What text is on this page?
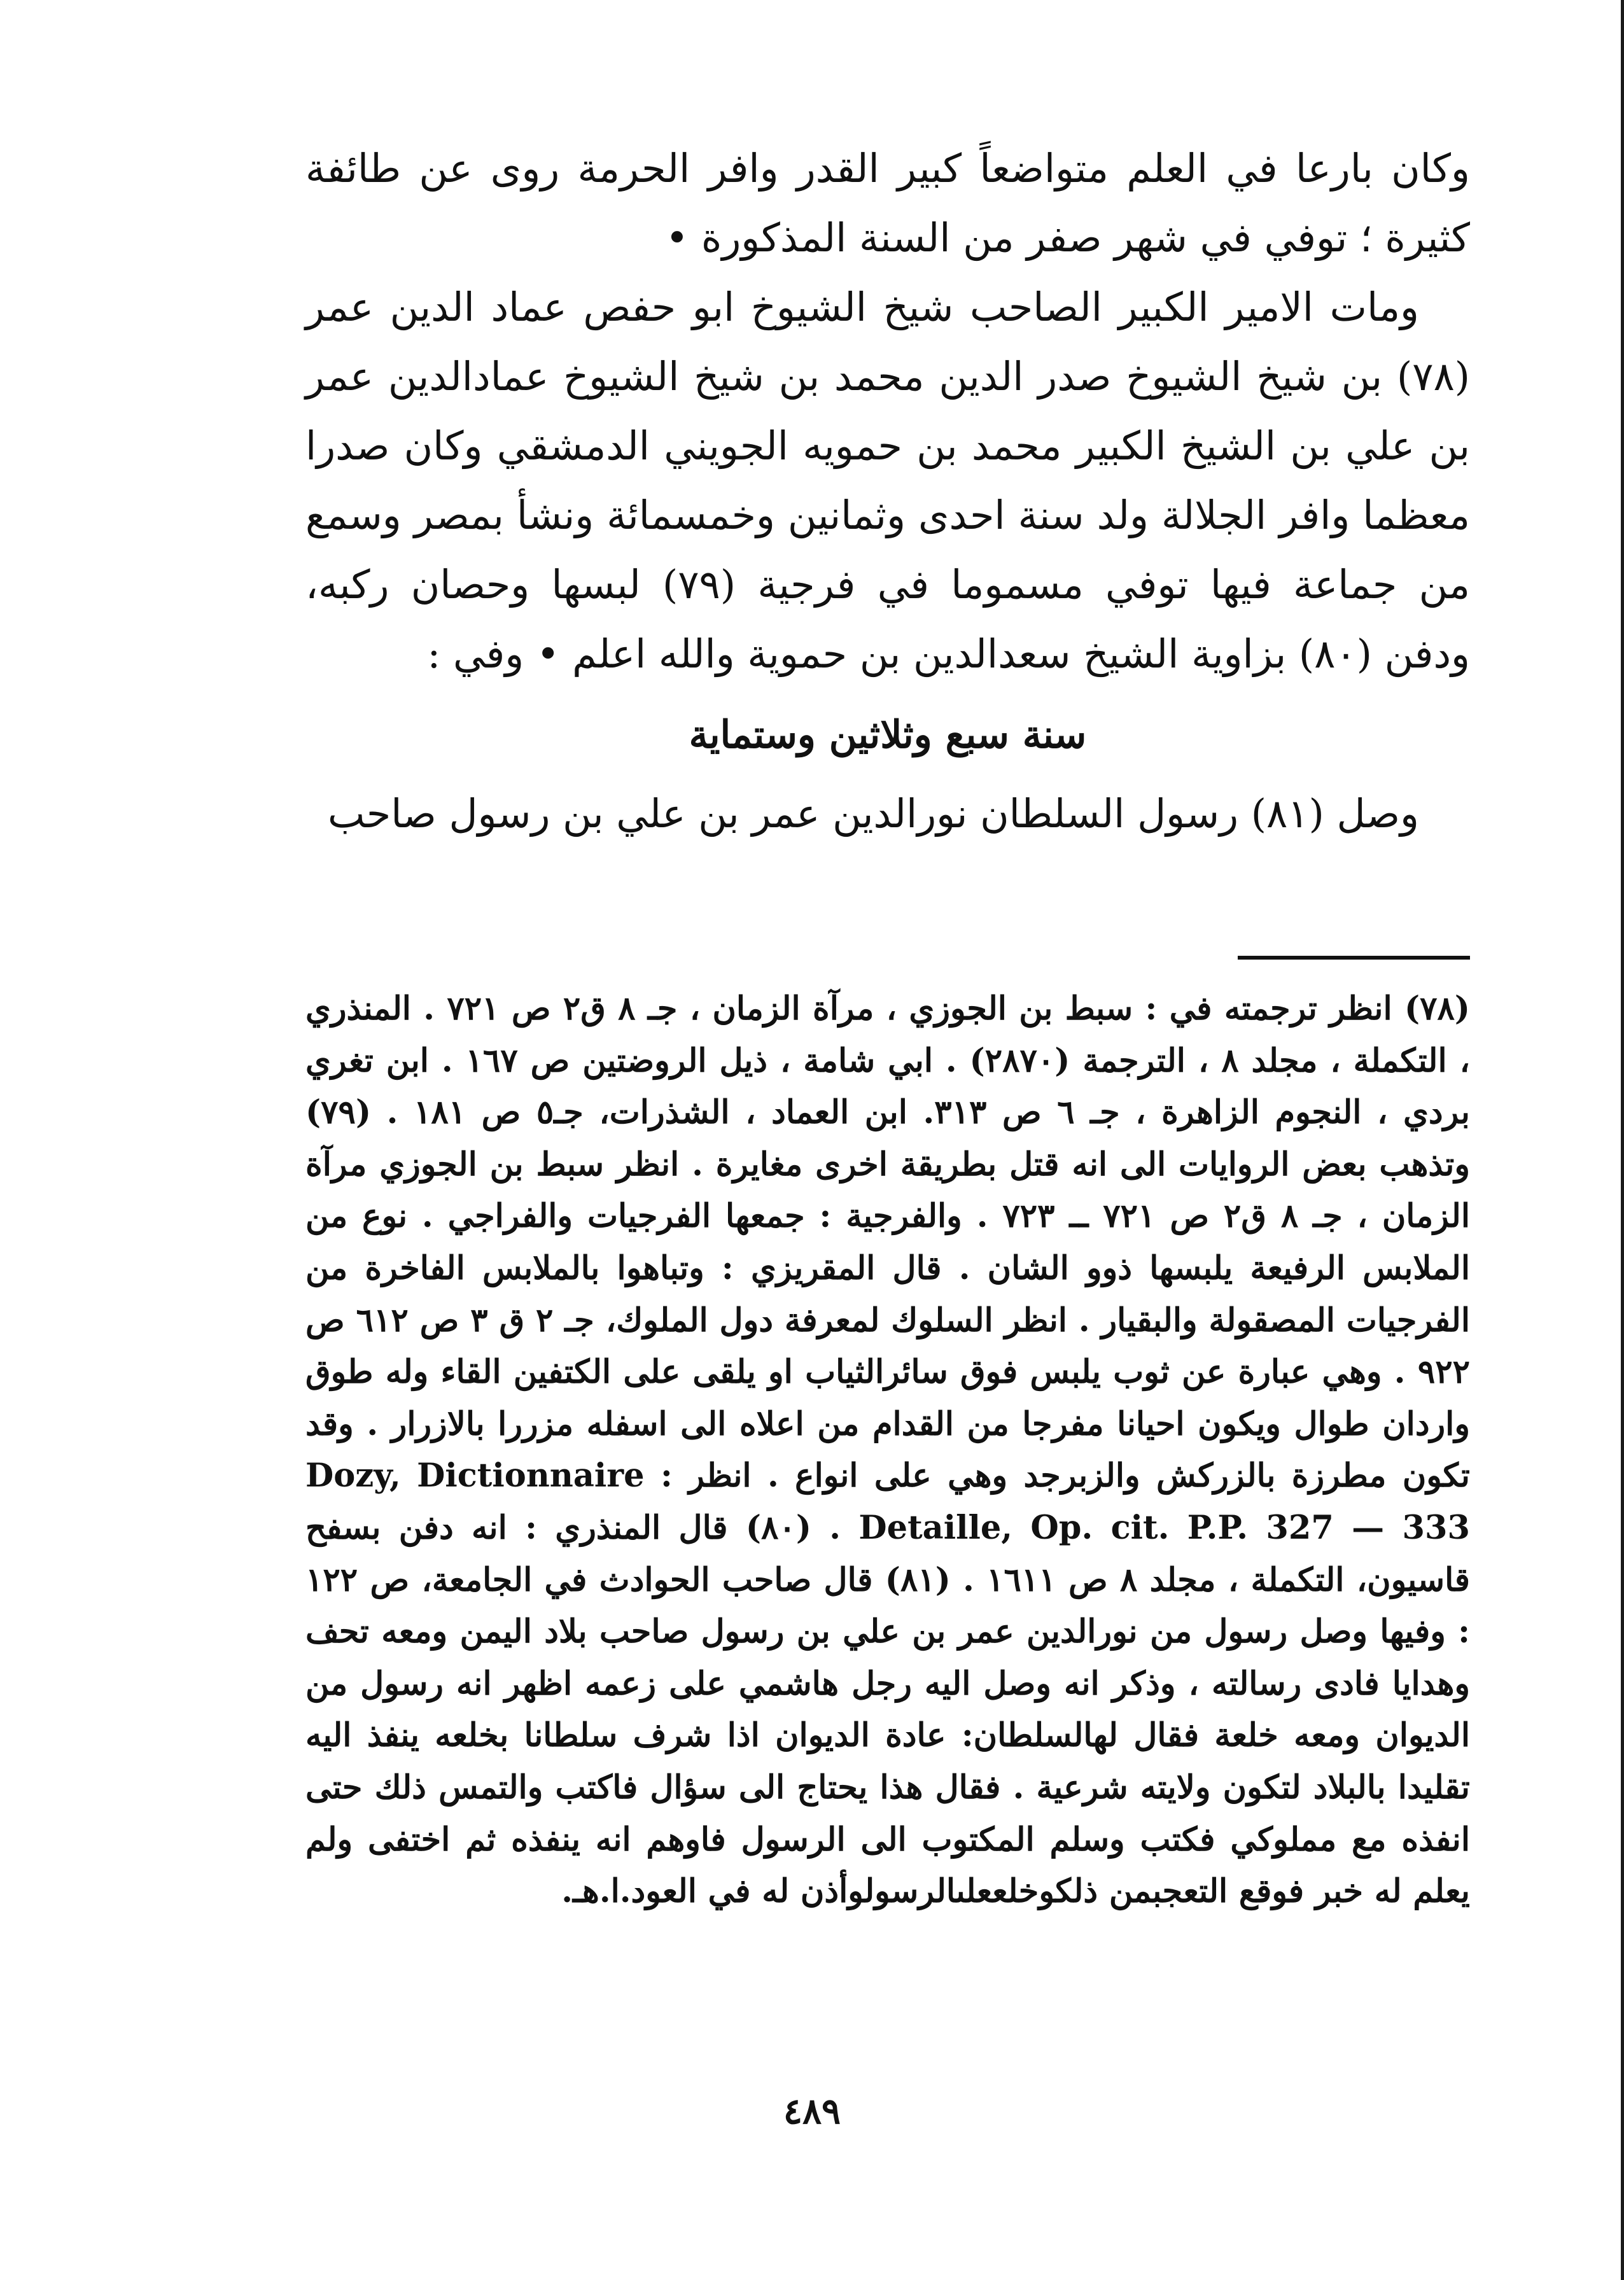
وكان بارعا في العلم متواضعاً كبير القدر وافر الحرمة روى عن طائفة كثيرة ؛ توفي في شهر صفر من السنة المذكورة •

ومات الامير الكبير الصاحب شيخ الشيوخ ابو حفص عماد الدين عمر (٧٨) بن شيخ الشيوخ صدر الدين محمد بن شيخ الشيوخ عمادالدين عمر بن علي بن الشيخ الكبير محمد بن حمويه الجويني الدمشقي وكان صدرا معظما وافر الجلالة ولد سنة احدى وثمانين وخمسمائة ونشأ بمصر وسمع من جماعة فيها توفي مسموما في فرجية (٧٩) لبسها وحصان ركبه، ودفن (٨٠) بزاوية الشيخ سعدالدين بن حموية والله اعلم • وفي :

سنة سبع وثلاثين وستماية

وصل (٨١) رسول السلطان نورالدين عمر بن علي بن رسول صاحب

(٧٨) انظر ترجمته في : سبط بن الجوزي ، مرآة الزمان ، جـ ٨ ق٢ ص ٧٢١ . المنذري ، التكملة ، مجلد ٨ ، الترجمة (٢٨٧٠) . ابي شامة ، ذيل الروضتين ص ١٦٧ . ابن تغري بردي ، النجوم الزاهرة ، جـ ٦ ص ٣١٣. ابن العماد ، الشذرات، جـ٥ ص ١٨١ . (٧٩) وتذهب بعض الروايات الى انه قتل بطريقة اخرى مغايرة . انظر سبط بن الجوزي مرآة الزمان ، جـ ٨ ق٢ ص ٧٢١ ــ ٧٢٣ . والفرجية : جمعها الفرجيات والفراجي . نوع من الملابس الرفيعة يلبسها ذوو الشان . قال المقريزي : وتباهوا بالملابس الفاخرة من الفرجيات المصقولة والبقيار . انظر السلوك لمعرفة دول الملوك، جـ ٢ ق ٣ ص ٦١٢ ص ٩٢٢ . وهي عبارة عن ثوب يلبس فوق سائرالثياب او يلقى على الكتفين القاء وله طوق واردان طوال ويكون احيانا مفرجا من القدام من اعلاه الى اسفله مزررا بالازرار . وقد تكون مطرزة بالزركش والزبرجد وهي على انواع . انظر : Dozy, Dictionnaire Detaille, Op. cit. P.P. 327 — 333 . (٨٠) قال المنذري : انه دفن بسفح قاسيون، التكملة ، مجلد ٨ ص ١٦١١ . (٨١) قال صاحب الحوادث في الجامعة، ص ١٢٢ : وفيها وصل رسول من نورالدين عمر بن علي بن رسول صاحب بلاد اليمن ومعه تحف وهدايا فادى رسالته ، وذكر انه وصل اليه رجل هاشمي على زعمه اظهر انه رسول من الديوان ومعه خلعة فقال لهالسلطان: عادة الديوان اذا شرف سلطانا بخلعه ينفذ اليه تقليدا بالبلاد لتكون ولايته شرعية . فقال هذا يحتاج الى سؤال فاكتب والتمس ذلك حتى انفذه مع مملوكي فكتب وسلم المكتوب الى الرسول فاوهم انه ينفذه ثم اختفى ولم يعلم له خبر فوقع التعجبمن ذلكوخلععلىالرسولوأذن له في العود.ا.هـ.

٤٨٩
